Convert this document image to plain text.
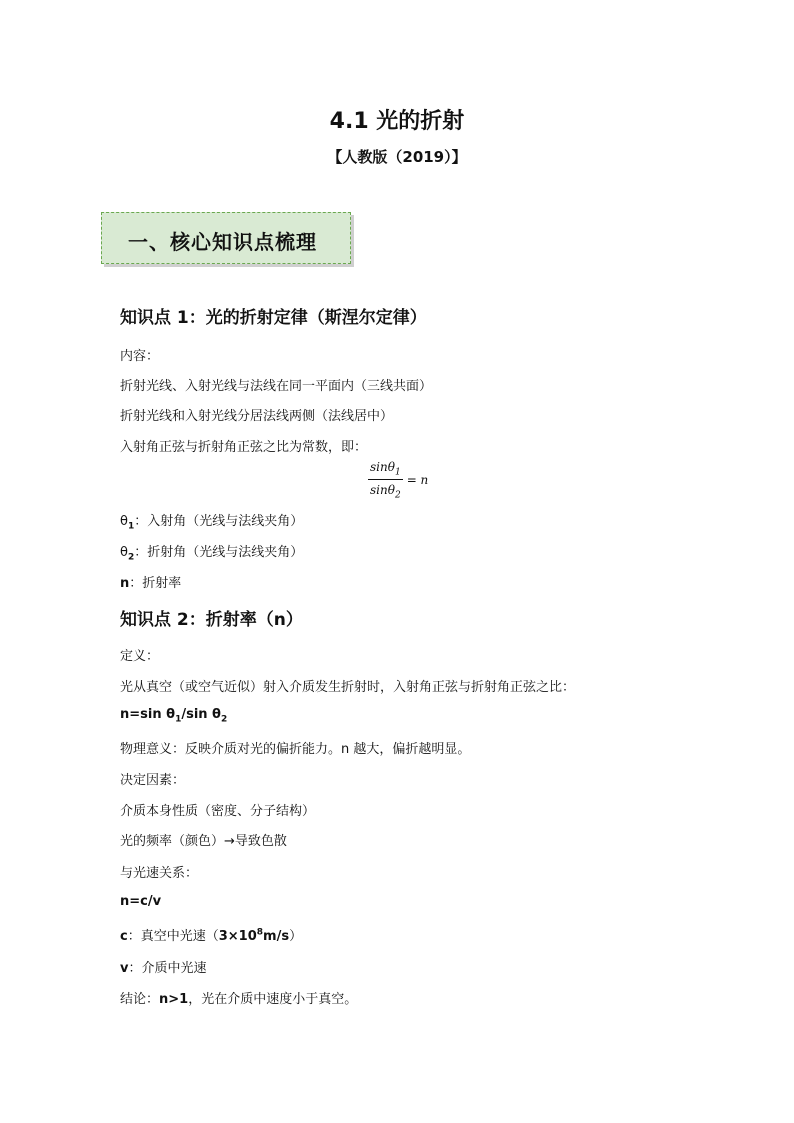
4.1 光的折射
【人教版（2019）】
一、核心知识点梳理
知识点 1：光的折射定律（斯涅尔定律）
内容：
折射光线、入射光线与法线在同一平面内（三线共面）
折射光线和入射光线分居法线两侧（法线居中）
入射角正弦与折射角正弦之比为常数，即：
$\frac{\sin\theta_1}{\sin\theta_2} = n$
$\theta_1$：入射角（光线与法线夹角）
$\theta_2$：折射角（光线与法线夹角）
n：折射率
知识点 2：折射率（n）
定义：
光从真空（或空气近似）射入介质发生折射时，入射角正弦与折射角正弦之比：
n=sin $\theta_1/\sin$ $\theta_2$
物理意义：反映介质对光的偏折能力。n 越大，偏折越明显。
决定因素：
介质本身性质（密度、分子结构）
光的频率（颜色）→导致色散
与光速关系：
n=c/v
c：真空中光速$(3\times 10^8m/s)$
v：介质中光速
结论：n>1，光在介质中速度小于真空。
